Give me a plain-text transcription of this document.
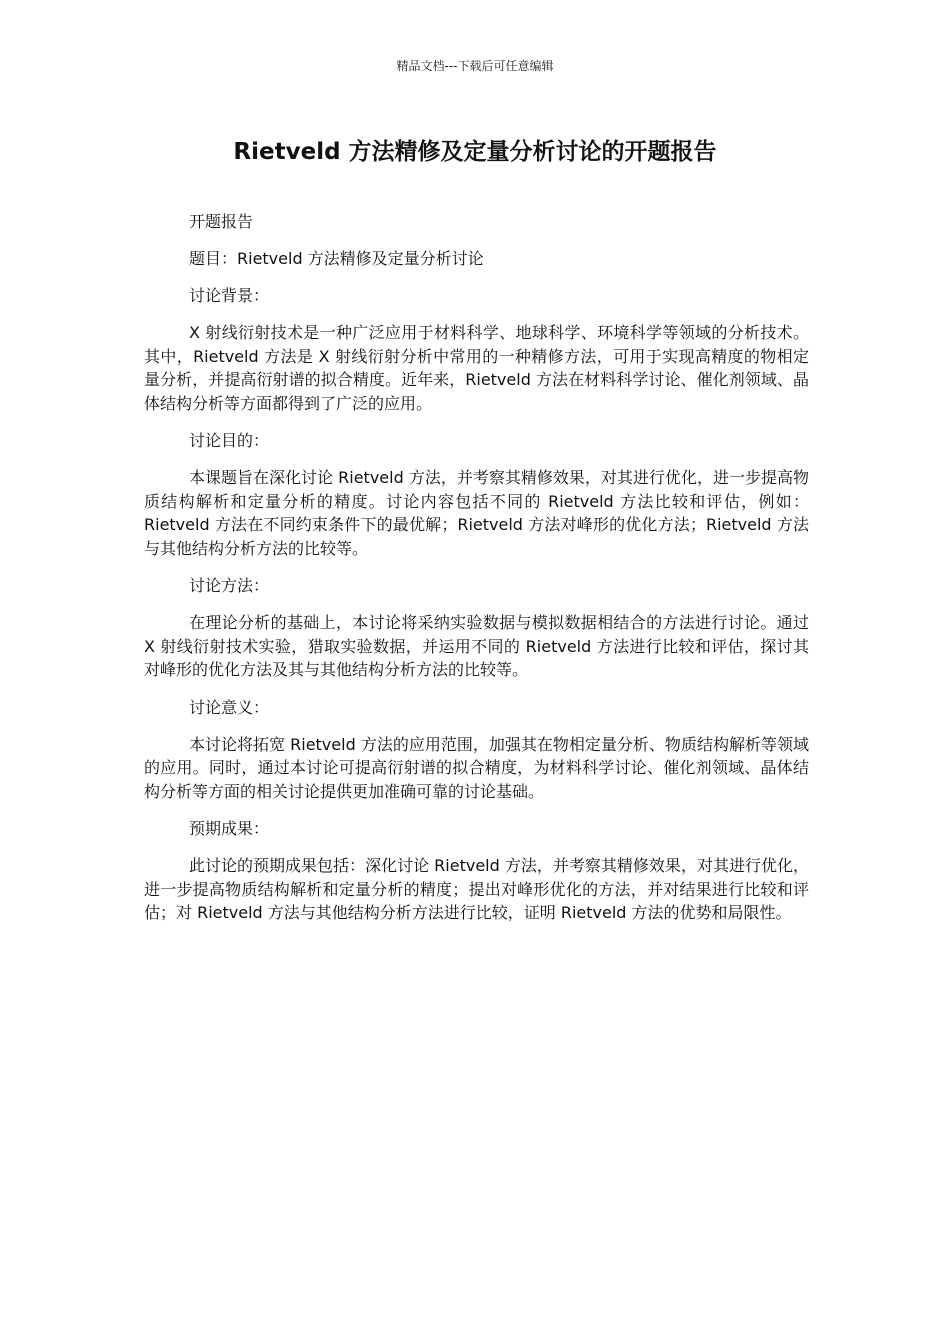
精品文档---下载后可任意编辑
Rietveld 方法精修及定量分析讨论的开题报告

开题报告

题目：Rietveld 方法精修及定量分析讨论

讨论背景：

X 射线衍射技术是一种广泛应用于材料科学、地球科学、环境科学等领域的分析技术。其中，Rietveld 方法是 X 射线衍射分析中常用的一种精修方法，可用于实现高精度的物相定量分析，并提高衍射谱的拟合精度。近年来，Rietveld 方法在材料科学讨论、催化剂领域、晶体结构分析等方面都得到了广泛的应用。

讨论目的：

本课题旨在深化讨论 Rietveld 方法，并考察其精修效果，对其进行优化，进一步提高物质结构解析和定量分析的精度。讨论内容包括不同的 Rietveld 方法比较和评估，例如：Rietveld 方法在不同约束条件下的最优解；Rietveld 方法对峰形的优化方法；Rietveld 方法与其他结构分析方法的比较等。

讨论方法：

在理论分析的基础上，本讨论将采纳实验数据与模拟数据相结合的方法进行讨论。通过 X 射线衍射技术实验，猎取实验数据，并运用不同的 Rietveld 方法进行比较和评估，探讨其对峰形的优化方法及其与其他结构分析方法的比较等。

讨论意义：

本讨论将拓宽 Rietveld 方法的应用范围，加强其在物相定量分析、物质结构解析等领域的应用。同时，通过本讨论可提高衍射谱的拟合精度，为材料科学讨论、催化剂领域、晶体结构分析等方面的相关讨论提供更加准确可靠的讨论基础。

预期成果：

此讨论的预期成果包括：深化讨论 Rietveld 方法，并考察其精修效果，对其进行优化，进一步提高物质结构解析和定量分析的精度；提出对峰形优化的方法，并对结果进行比较和评估；对 Rietveld 方法与其他结构分析方法进行比较，证明 Rietveld 方法的优势和局限性。
